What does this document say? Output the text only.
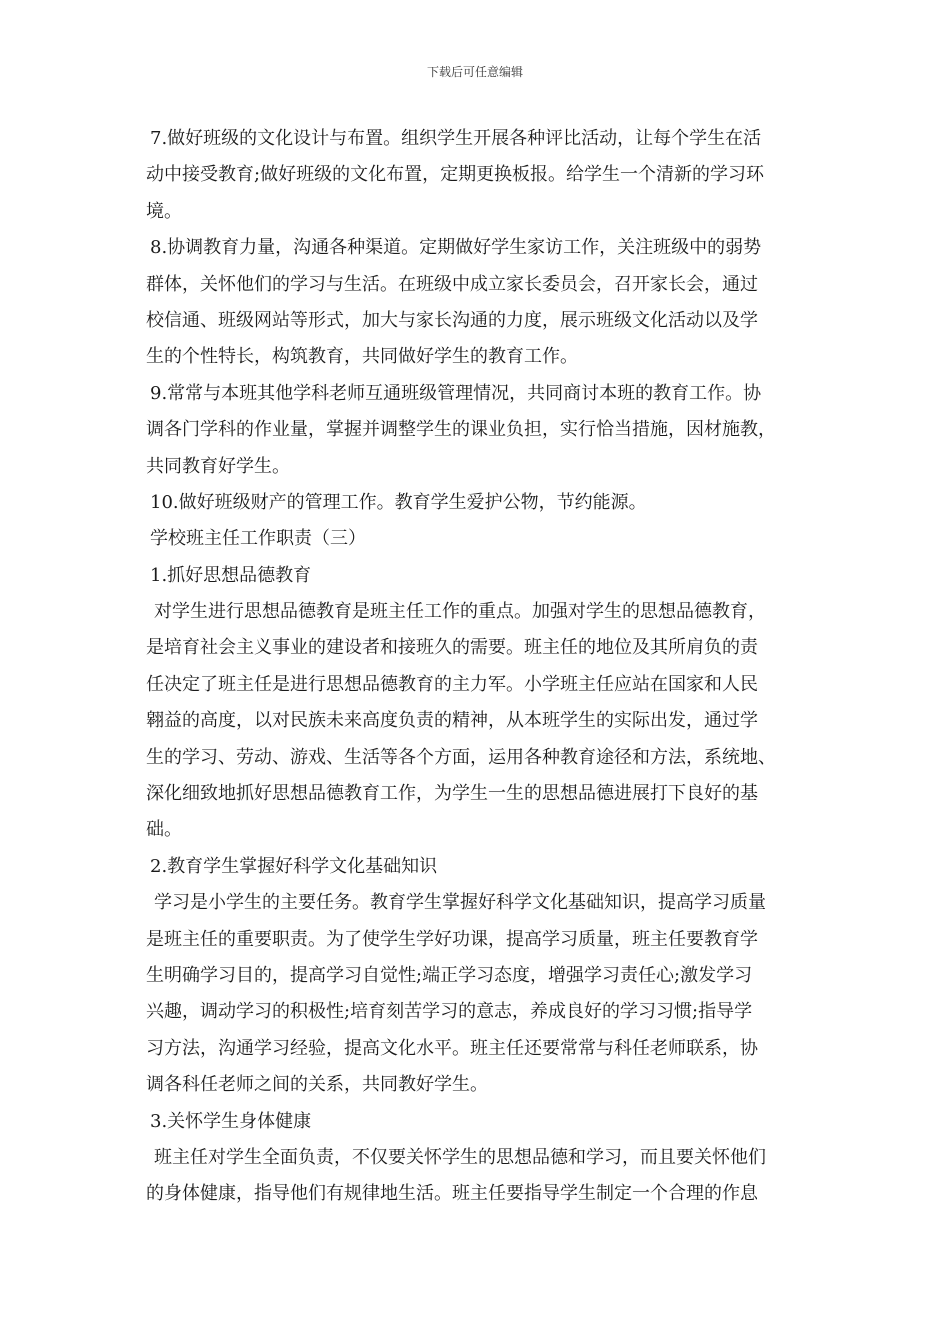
下载后可任意编辑
7.做好班级的文化设计与布置。组织学生开展各种评比活动，让每个学生在活
动中接受教育;做好班级的文化布置，定期更换板报。给学生一个清新的学习环
境。
8.协调教育力量，沟通各种渠道。定期做好学生家访工作，关注班级中的弱势
群体，关怀他们的学习与生活。在班级中成立家长委员会，召开家长会，通过
校信通、班级网站等形式，加大与家长沟通的力度，展示班级文化活动以及学
生的个性特长，构筑教育，共同做好学生的教育工作。
9.常常与本班其他学科老师互通班级管理情况，共同商讨本班的教育工作。协
调各门学科的作业量，掌握并调整学生的课业负担，实行恰当措施，因材施教，
共同教育好学生。
10.做好班级财产的管理工作。教育学生爱护公物，节约能源。
学校班主任工作职责（三）
1.抓好思想品德教育
对学生进行思想品德教育是班主任工作的重点。加强对学生的思想品德教育，
是培育社会主义事业的建设者和接班久的需要。班主任的地位及其所肩负的责
任决定了班主任是进行思想品德教育的主力军。小学班主任应站在国家和人民
翱益的高度，以对民族未来高度负责的精神，从本班学生的实际出发，通过学
生的学习、劳动、游戏、生活等各个方面，运用各种教育途径和方法，系统地、
深化细致地抓好思想品德教育工作，为学生一生的思想品德进展打下良好的基
础。
2.教育学生掌握好科学文化基础知识
学习是小学生的主要任务。教育学生掌握好科学文化基础知识，提高学习质量
是班主任的重要职责。为了使学生学好功课，提高学习质量，班主任要教育学
生明确学习目的，提高学习自觉性;端正学习态度，增强学习责任心;激发学习
兴趣，调动学习的积极性;培育刻苦学习的意志，养成良好的学习习惯;指导学
习方法，沟通学习经验，提高文化水平。班主任还要常常与科任老师联系，协
调各科任老师之间的关系，共同教好学生。
3.关怀学生身体健康
班主任对学生全面负责，不仅要关怀学生的思想品德和学习，而且要关怀他们
的身体健康，指导他们有规律地生活。班主任要指导学生制定一个合理的作息
